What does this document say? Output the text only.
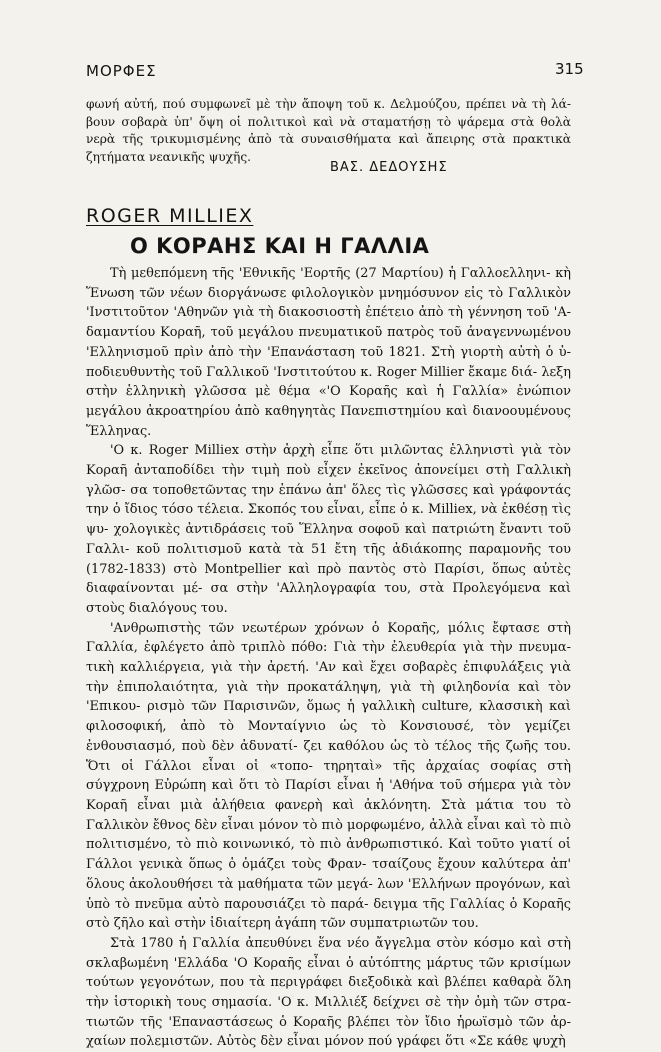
ΜΟΡΦΕΣ	315
φωνή αὐτή, πού συμφωνεῖ μὲ τὴν ἄποψη τοῦ κ. Δελμούζου, πρέπει νὰ τὴ λά- βουν σοβαρὰ ὑπ' ὄψη οἱ πολιτικοὶ καὶ νὰ σταματήσῃ τὸ ψάρεμα στὰ θολὰ νερὰ τῆς τρικυμισμένης ἀπὸ τὰ συναισθήματα καὶ ἄπειρης στὰ πρακτικὰ ζητήματα νεανικῆς ψυχῆς.
ΒΑΣ. ΔΕΔΟΥΣΗΣ
ROGER MILLIEX
Ο ΚΟΡΑΗΣ ΚΑΙ Η ΓΑΛΛΙΑ

Τὴ μεθεπόμενη τῆς 'Εθνικῆς 'Εορτῆς (27 Μαρτίου) ἡ Γαλλοελληνι- κὴ Ἕνωση τῶν νέων διοργάνωσε φιλολογικὸν μνημόσυνον εἰς τὸ Γαλλικὸν 'Ινστιτοῦτον 'Αθηνῶν γιὰ τὴ διακοσιοστὴ ἐπέτειο ἀπὸ τὴ γέννηση τοῦ 'Α- δαμαντίου Κοραῆ, τοῦ μεγάλου πνευματικοῦ πατρὸς τοῦ ἀναγεννωμένου 'Ελληνισμοῦ πρὶν ἀπὸ τὴν 'Επανάσταση τοῦ 1821. Στὴ γιορτὴ αὐτὴ ὁ ὑ- ποδιευθυντὴς τοῦ Γαλλικοῦ 'Ινστιτούτου κ. Roger Millier ἔκαμε διά- λεξη στὴν ἑλληνικὴ γλῶσσα μὲ θέμα «'Ο Κοραῆς καὶ ἡ Γαλλία» ἐνώπιον μεγάλου ἀκροατηρίου ἀπὸ καθηγητὰς Πανεπιστημίου καὶ διανοουμένους Ἕλληνας.

'Ο κ. Roger Milliex στὴν ἀρχὴ εἶπε ὅτι μιλῶντας ἑλληνιστὶ γιὰ τὸν Κοραῆ ἀνταποδίδει τὴν τιμὴ ποὺ εἶχεν ἐκεῖνος ἀπονείμει στὴ Γαλλικὴ γλῶσ- σα τοποθετῶντας την ἐπάνω ἀπ' ὅλες τὶς γλῶσσες καὶ γράφοντάς την ὁ ἴδιος τόσο τέλεια. Σκοπός του εἶναι, εἶπε ὁ κ. Milliex, νὰ ἐκθέσῃ τὶς ψυ- χολογικὲς ἀντιδράσεις τοῦ Ἕλληνα σοφοῦ καὶ πατριώτη ἔναντι τοῦ Γαλλι- κοῦ πολιτισμοῦ κατὰ τὰ 51 ἔτη τῆς ἀδιάκοπης παραμονῆς του (1782-1833) στὸ Montpellier καὶ πρὸ παντὸς στὸ Παρίσι, ὅπως αὐτὲς διαφαίνονται μέ- σα στὴν 'Αλληλογραφία του, στὰ Προλεγόμενα καὶ στοὺς διαλόγους του.

'Ανθρωπιστὴς τῶν νεωτέρων χρόνων ὁ Κοραῆς, μόλις ἔφτασε στὴ Γαλλία, ἐφλέγετο ἀπὸ τριπλὸ πόθο: Γιὰ τὴν ἐλευθερία γιὰ τὴν πνευμα- τικὴ καλλιέργεια, γιὰ τὴν ἀρετή. 'Αν καὶ ἔχει σοβαρὲς ἐπιφυλάξεις γιὰ τὴν ἐπιπολαιότητα, γιὰ τὴν προκατάληψη, γιὰ τὴ φιληδονία καὶ τὸν 'Επικου- ρισμὸ τῶν Παρισινῶν, ὅμως ἡ γαλλικὴ culture, κλασσικὴ καὶ φιλοσοφική, ἀπὸ τὸ Μονταίγνιο ὡς τὸ Κονσιουσέ, τὸν γεμίζει ἐνθουσιασμό, ποὺ δὲν ἀδυνατί- ζει καθόλου ὡς τὸ τέλος τῆς ζωῆς του. Ὅτι οἱ Γάλλοι εἶναι οἱ «τοπο- τηρηταὶ» τῆς ἀρχαίας σοφίας στὴ σύγχρονη Εὐρώπη καὶ ὅτι τὸ Παρίσι εἶναι ἡ 'Αθήνα τοῦ σήμερα γιὰ τὸν Κοραῆ εἶναι μιὰ ἀλήθεια φανερὴ καὶ ἀκλόνητη. Στὰ μάτια του τὸ Γαλλικὸν ἔθνος δὲν εἶναι μόνον τὸ πιὸ μορφωμένο, ἀλλὰ εἶναι καὶ τὸ πιὸ πολιτισμένο, τὸ πιὸ κοινωνικό, τὸ πιὸ ἀνθρωπιστικό. Καὶ τοῦτο γιατί οἱ Γάλλοι γενικὰ ὅπως ὁ ὁμάζει τοὺς Φραν- τσαίζους ἔχουν καλύτερα ἀπ' ὅλους ἀκολουθήσει τὰ μαθήματα τῶν μεγά- λων 'Ελλήνων προγόνων, καὶ ὑπὸ τὸ πνεῦμα αὐτὸ παρουσιάζει τὸ παρά- δειγμα τῆς Γαλλίας ὁ Κοραῆς στὸ ζῆλο καὶ στὴν ἰδιαίτερη ἀγάπη τῶν συμπατριωτῶν του.

Στὰ 1780 ἡ Γαλλία ἀπευθύνει ἕνα νέο ἄγγελμα στὸν κόσμο καὶ στὴ σκλαβωμένη 'Ελλάδα 'Ο Κοραῆς εἶναι ὁ αὐτόπτης μάρτυς τῶν κρισίμων τούτων γεγονότων, που τὰ περιγράφει διεξοδικὰ καὶ βλέπει καθαρὰ ὅλη τὴν ἱστορικὴ τους σημασία. 'Ο κ. Μιλλιέξ δείχνει σὲ τὴν ὁμὴ τῶν στρα- τιωτῶν τῆς 'Επαναστάσεως ὁ Κοραῆς βλέπει τὸν ἴδιο ἡρωϊσμὸ τῶν ἀρ- χαίων πολεμιστῶν. Αὐτὸς δὲν εἶναι μόνον πού γράφει ὅτι «Σε κάθε ψυχὴ
